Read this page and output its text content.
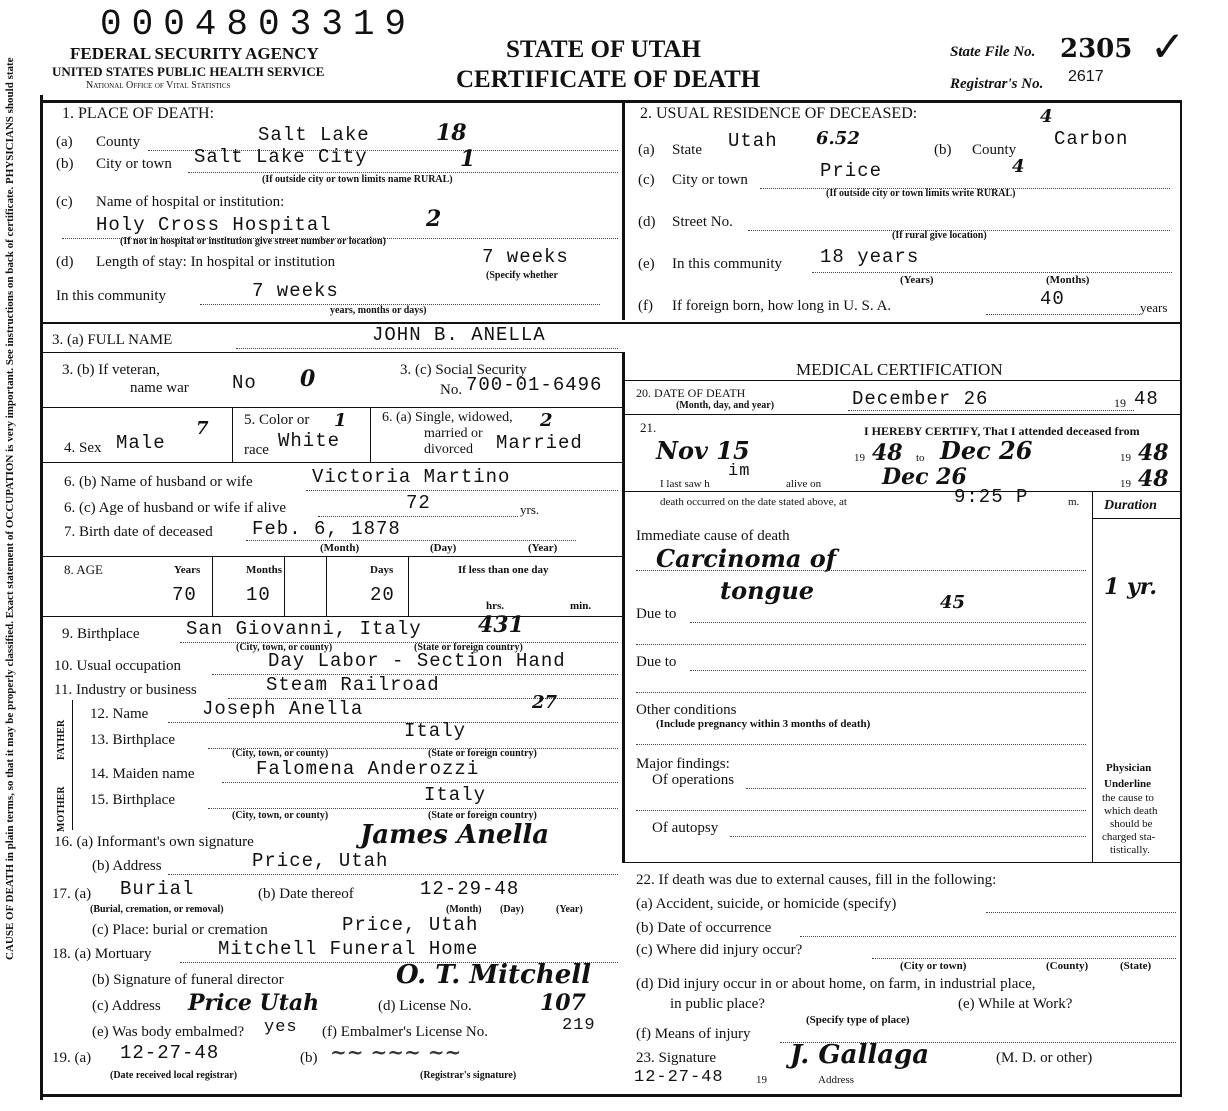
0004803319
FEDERAL SECURITY AGENCY
UNITED STATES PUBLIC HEALTH SERVICE
National Office of Vital Statistics
STATE OF UTAH
CERTIFICATE OF DEATH
State File No. 2305 ✓
Registrar's No. 2617
CAUSE OF DEATH in plain terms, so that it may be properly classified. Exact statement of OCCUPATION is very important. See instructions on back of certificate. PHYSICIANS should state	1. PLACE OF DEATH:
(a) County	Salt Lake	18
(b) City or town Salt Lake City	1
(If outside city or town limits name RURAL)
(c) Name of hospital or institution:
Holy Cross Hospital	2
(If not in hospital or institution give street number or location)
(d) Length of stay: In hospital or institution	7 weeks
(Specify whether
In this community	7 weeks
years, months or days)
2. USUAL RESIDENCE OF DECEASED:
(a) State Utah 6.52
(b) County Carbon
4
(c) City or town	Price	4
(If outside city or town limits write RURAL)
(d) Street No.
(If rural give location)
(e) In this community 18 years
(Years)	(Months)
(f) If foreign born, how long in U. S. A.	40	years
3. (a) FULL NAME	JOHN B. ANELLA
3. (b) If veteran,
name war No 0	3. (c) Social Security
No. 700-01-6496
4. Sex Male
7 5. Color or
race White
1	6. (a) Single, widowed,
married or
divorced Married
2
6. (b) Name of husband or wife	Victoria Martino
6. (c) Age of husband or wife if alive	72	yrs.
7. Birth date of deceased Feb. 6, 1878
(Month)	(Day)	(Year)
8. AGE	Years	Months	Days	If less than one day
70	10	20	hrs.	min.
9. Birthplace San Giovanni, Italy	431
(City, town, or county)	(State or foreign country)
10. Usual occupation	Day Labor - Section Hand
11. Industry or business	Steam Railroad
FATHER
MOTHER
12. Name	Joseph Anella	27
13. Birthplace	Italy
(City, town, or county)	(State or foreign country)
14. Maiden name	Falomena Anderozzi
15. Birthplace	Italy
(City, town, or county)	(State or foreign country)
16. (a) Informant's own signature	James Anella
(b) Address	Price, Utah
17. (a) Burial
(Burial, cremation, or removal)
(b) Date thereof	12-29-48
(Month) (Day)	(Year)
(c) Place: burial or cremation	Price, Utah
18. (a) Mortuary	Mitchell Funeral Home
(b) Signature of funeral director	O. T. Mitchell
(c) Address Price Utah	(d) License No.	107
(e) Was body embalmed? yes (f) Embalmer's License No.	219
19. (a) 12-27-48
(Date received local registrar)
(b) ~~ ~~~ ~~
(Registrar's signature)
MEDICAL CERTIFICATION
20. DATE OF DEATH
(Month, day, and year)	December 26	19 48
21.	I HEREBY CERTIFY, That I attended deceased from
Nov 15	19 48 to Dec 26	19 48
I last saw h
im
alive on	Dec 26	19 48
death occurred on the date stated above, at	9:25 P	m. Duration
Immediate cause of death
Carcinoma of
tongue	45
1 yr.
Due to
Due to
Other conditions
(Include pregnancy within 3 months of death)
Major findings:
Of operations
Of autopsy
Physician
Underline
the cause to
which death
should be
charged sta-
tistically.
22. If death was due to external causes, fill in the following:
(a) Accident, suicide, or homicide (specify)
(b) Date of occurrence
(c) Where did injury occur?
(City or town)	(County)	(State)
(d) Did injury occur in or about home, on farm, in industrial place,
in public place?
(Specify type of place)
(e) While at Work?
(f) Means of injury
23. Signature	J. Gallaga	(M. D. or other)
12-27-48	19	Address
